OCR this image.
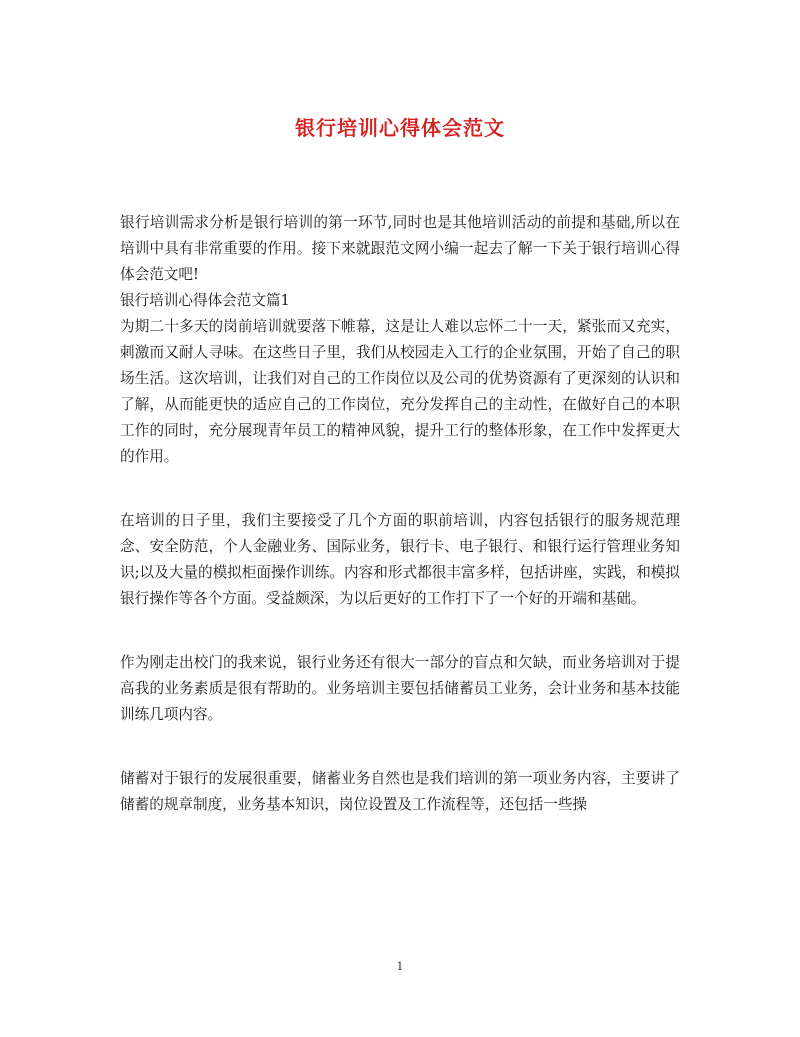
银行培训心得体会范文

银行培训需求分析是银行培训的第一环节,同时也是其他培训活动的前提和基础,所以在培训中具有非常重要的作用。接下来就跟范文网小编一起去了解一下关于银行培训心得体会范文吧!

银行培训心得体会范文篇1

为期二十多天的岗前培训就要落下帷幕，这是让人难以忘怀二十一天，紧张而又充实，刺激而又耐人寻味。在这些日子里，我们从校园走入工行的企业氛围，开始了自己的职场生活。这次培训，让我们对自己的工作岗位以及公司的优势资源有了更深刻的认识和了解，从而能更快的适应自己的工作岗位，充分发挥自己的主动性，在做好自己的本职工作的同时，充分展现青年员工的精神风貌，提升工行的整体形象，在工作中发挥更大的作用。

在培训的日子里，我们主要接受了几个方面的职前培训，内容包括银行的服务规范理念、安全防范，个人金融业务、国际业务，银行卡、电子银行、和银行运行管理业务知识;以及大量的模拟柜面操作训练。内容和形式都很丰富多样，包括讲座，实践，和模拟银行操作等各个方面。受益颇深，为以后更好的工作打下了一个好的开端和基础。

作为刚走出校门的我来说，银行业务还有很大一部分的盲点和欠缺，而业务培训对于提高我的业务素质是很有帮助的。业务培训主要包括储蓄员工业务，会计业务和基本技能训练几项内容。

储蓄对于银行的发展很重要，储蓄业务自然也是我们培训的第一项业务内容，主要讲了储蓄的规章制度，业务基本知识，岗位设置及工作流程等，还包括一些操

1
